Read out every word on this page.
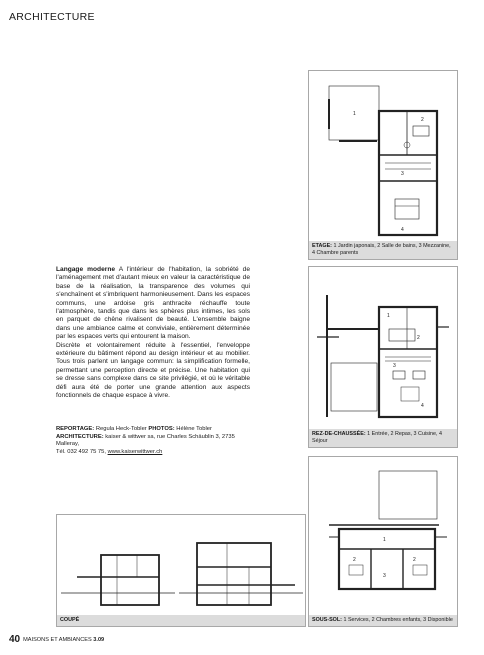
ARCHITECTURE
2
3
4
1
ETAGE: 1 Jardin japonais, 2 Salle de bains, 3 Mezzanine, 4 Chambre parents
Langage moderne A l'intérieur de l'habitation, la sobriété de l'aménagement met d'autant mieux en valeur la caractéristique de base de la réalisation, la transparence des volumes qui s'enchaînent et s'imbriquent harmonieusement. Dans les espaces communs, une ardoise gris anthracite réchauffe toute l'atmosphère, tandis que dans les sphères plus intimes, les sols en parquet de chêne rivalisent de beauté. L'ensemble baigne dans une ambiance calme et conviviale, entièrement déterminée par les espaces verts qui entourent la maison.
Discrète et volontairement réduite à l'essentiel, l'enveloppe extérieure du bâtiment répond au design intérieur et au mobilier. Tous trois parlent un langage commun: la simplification formelle, permettant une perception directe et précise. Une habitation qui se dresse sans complexe dans ce site privilégié, et où le véritable défi aura été de porter une grande attention aux aspects fonctionnels de chaque espace à vivre.
1
2
3
4
REZ-DE-CHAUSSÉE: 1 Entrée, 2 Repas, 3 Cuisine, 4 Séjour
REPORTAGE: Regula Heck-Tobler PHOTOS: Hélène Tobler
ARCHITECTURE: kaiser & wittwer sa, rue Charles Schäublin 3, 2735 Malleray,
Tél. 032 492 75 75, www.kaiserwittwer.ch
COUPÉ
1
2	2
3
SOUS-SOL: 1 Services, 2 Chambres enfants, 3 Disponible
40 MAISONS ET AMBIANCES 3.09
